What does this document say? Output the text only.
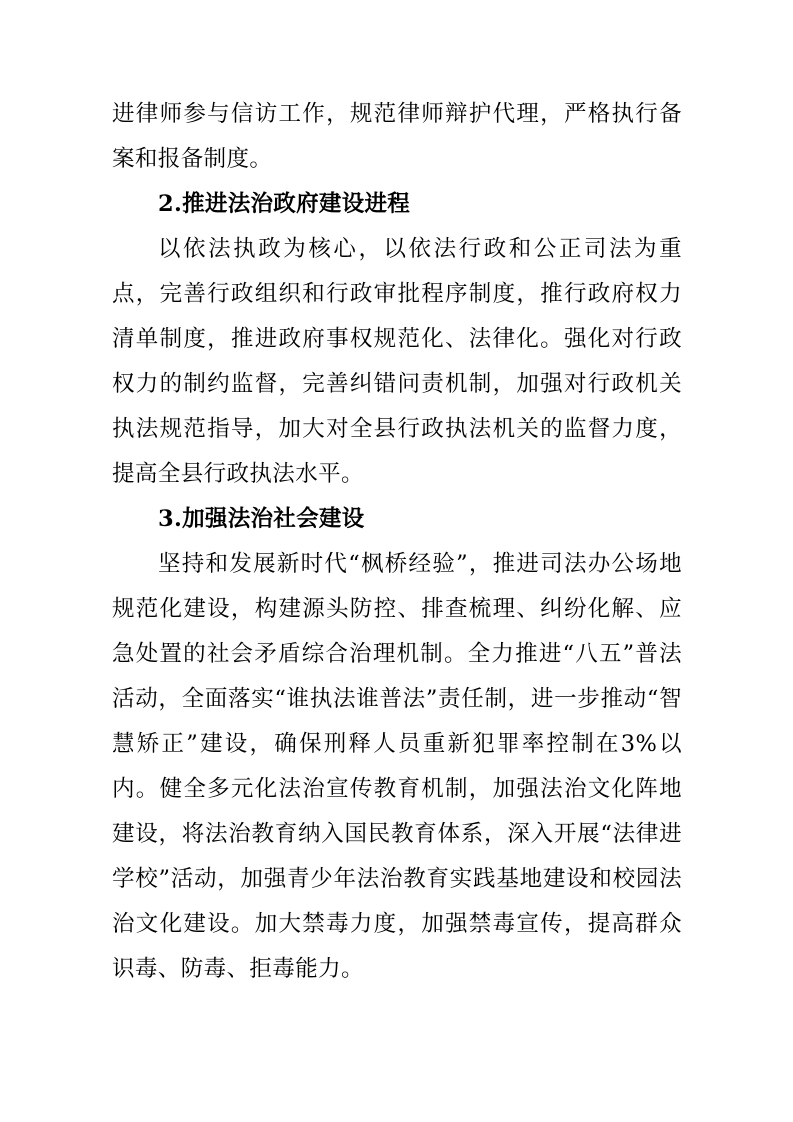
进律师参与信访工作，规范律师辩护代理，严格执行备案和报备制度。

2.推进法治政府建设进程

以依法执政为核心，以依法行政和公正司法为重点，完善行政组织和行政审批程序制度，推行政府权力清单制度，推进政府事权规范化、法律化。强化对行政权力的制约监督，完善纠错问责机制，加强对行政机关执法规范指导，加大对全县行政执法机关的监督力度，提高全县行政执法水平。

3.加强法治社会建设

坚持和发展新时代“枫桥经验”，推进司法办公场地规范化建设，构建源头防控、排查梳理、纠纷化解、应急处置的社会矛盾综合治理机制。全力推进“八五”普法活动，全面落实“谁执法谁普法”责任制，进一步推动“智慧矫正”建设，确保刑释人员重新犯罪率控制在3%以内。健全多元化法治宣传教育机制，加强法治文化阵地建设，将法治教育纳入国民教育体系，深入开展“法律进学校”活动，加强青少年法治教育实践基地建设和校园法治文化建设。加大禁毒力度，加强禁毒宣传，提高群众识毒、防毒、拒毒能力。
